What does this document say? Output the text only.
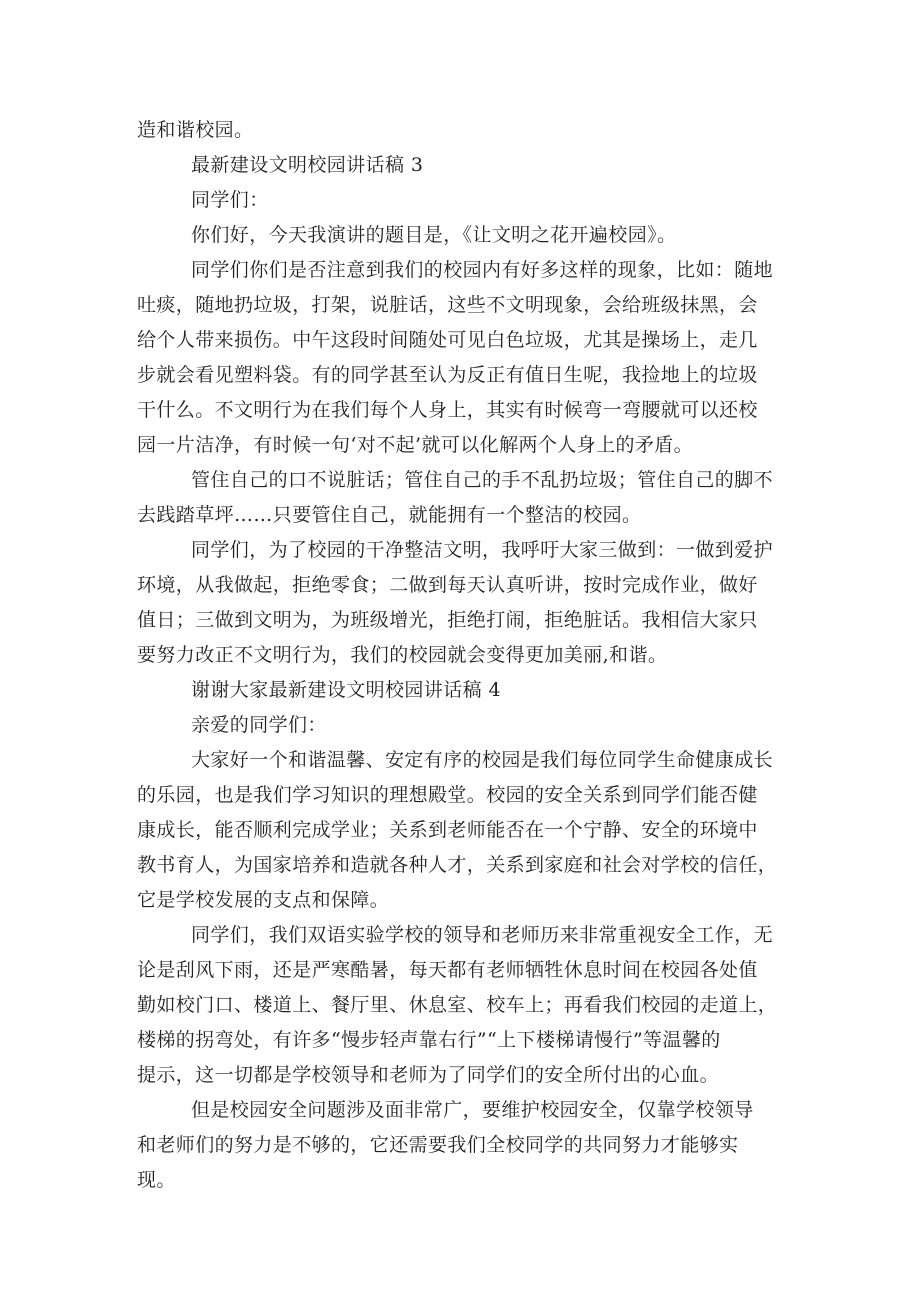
造和谐校园。
最新建设文明校园讲话稿 3
同学们：
你们好，今天我演讲的题目是，《让文明之花开遍校园》。
同学们你们是否注意到我们的校园内有好多这样的现象，比如：随地
吐痰，随地扔垃圾，打架，说脏话，这些不文明现象，会给班级抹黑，会
给个人带来损伤。中午这段时间随处可见白色垃圾，尤其是操场上，走几
步就会看见塑料袋。有的同学甚至认为反正有值日生呢，我捡地上的垃圾
干什么。不文明行为在我们每个人身上，其实有时候弯一弯腰就可以还校
园一片洁净，有时候一句‘对不起’就可以化解两个人身上的矛盾。
管住自己的口不说脏话；管住自己的手不乱扔垃圾；管住自己的脚不
去践踏草坪……只要管住自己，就能拥有一个整洁的校园。
同学们，为了校园的干净整洁文明，我呼吁大家三做到：一做到爱护
环境，从我做起，拒绝零食；二做到每天认真听讲，按时完成作业，做好
值日；三做到文明为，为班级增光，拒绝打闹，拒绝脏话。我相信大家只
要努力改正不文明行为，我们的校园就会变得更加美丽,和谐。
谢谢大家最新建设文明校园讲话稿 4
亲爱的同学们：
大家好一个和谐温馨、安定有序的校园是我们每位同学生命健康成长
的乐园，也是我们学习知识的理想殿堂。校园的安全关系到同学们能否健
康成长，能否顺利完成学业；关系到老师能否在一个宁静、安全的环境中
教书育人，为国家培养和造就各种人才，关系到家庭和社会对学校的信任，
它是学校发展的支点和保障。
同学们，我们双语实验学校的领导和老师历来非常重视安全工作，无
论是刮风下雨，还是严寒酷暑，每天都有老师牺牲休息时间在校园各处值
勤如校门口、楼道上、餐厅里、休息室、校车上；再看我们校园的走道上，
楼梯的拐弯处，有许多“慢步轻声靠右行”“上下楼梯请慢行”等温馨的
提示，这一切都是学校领导和老师为了同学们的安全所付出的心血。
但是校园安全问题涉及面非常广，要维护校园安全，仅靠学校领导
和老师们的努力是不够的，它还需要我们全校同学的共同努力才能够实
现。
